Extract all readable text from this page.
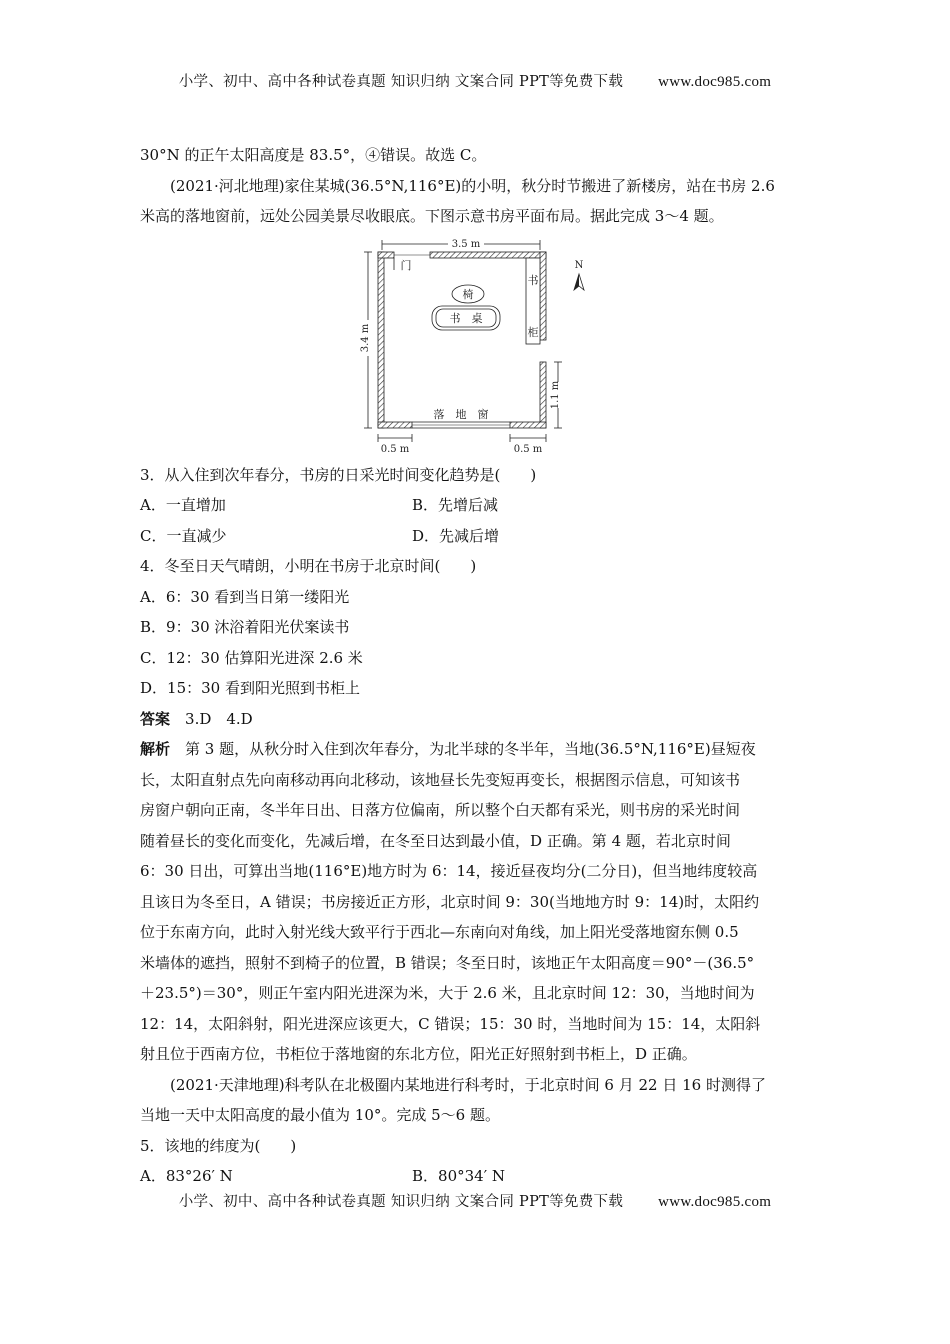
小学、初中、高中各种试卷真题 知识归纳 文案合同 PPT等免费下载 www.doc985.com

30°N 的正午太阳高度是 83.5°，④错误。故选 C。

(2021·河北地理)家住某城(36.5°N,116°E)的小明，秋分时节搬进了新楼房，站在书房 2.6

米高的落地窗前，远处公园美景尽收眼底。下图示意书房平面布局。据此完成 3～4 题。

3.5 m
3.4 m
门
书
柜
椅
书　桌
落　地　窗
1.1 m
0.5 m	0.5 m
N

3．从入住到次年春分，书房的日采光时间变化趋势是(　　)

A．一直增加	B．先增后减

C．一直减少	D．先减后增

4．冬至日天气晴朗，小明在书房于北京时间(　　)

A．6：30 看到当日第一缕阳光

B．9：30 沐浴着阳光伏案读书

C．12：30 估算阳光进深 2.6 米

D．15：30 看到阳光照到书柜上

答案　 3.D　4.D

解析　 第 3 题，从秋分时入住到次年春分，为北半球的冬半年，当地(36.5°N,116°E)昼短夜

长，太阳直射点先向南移动再向北移动，该地昼长先变短再变长，根据图示信息，可知该书

房窗户朝向正南，冬半年日出、日落方位偏南，所以整个白天都有采光，则书房的采光时间

随着昼长的变化而变化，先减后增，在冬至日达到最小值，D 正确。第 4 题，若北京时间

6：30 日出，可算出当地(116°E)地方时为 6：14，接近昼夜均分(二分日)，但当地纬度较高

且该日为冬至日，A 错误；书房接近正方形，北京时间 9：30(当地地方时 9：14)时，太阳约

位于东南方向，此时入射光线大致平行于西北—东南向对角线，加上阳光受落地窗东侧 0.5

米墙体的遮挡，照射不到椅子的位置，B 错误；冬至日时，该地正午太阳高度＝90°－(36.5°

＋23.5°)＝30°，则正午室内阳光进深为米，大于 2.6 米，且北京时间 12：30，当地时间为

12：14，太阳斜射，阳光进深应该更大，C 错误；15：30 时，当地时间为 15：14，太阳斜

射且位于西南方位，书柜位于落地窗的东北方位，阳光正好照射到书柜上，D 正确。

(2021·天津地理)科考队在北极圈内某地进行科考时，于北京时间 6 月 22 日 16 时测得了

当地一天中太阳高度的最小值为 10°。完成 5～6 题。

5．该地的纬度为(　　)

A．83°26′ N	B．80°34′ N

小学、初中、高中各种试卷真题 知识归纳 文案合同 PPT等免费下载 www.doc985.com
